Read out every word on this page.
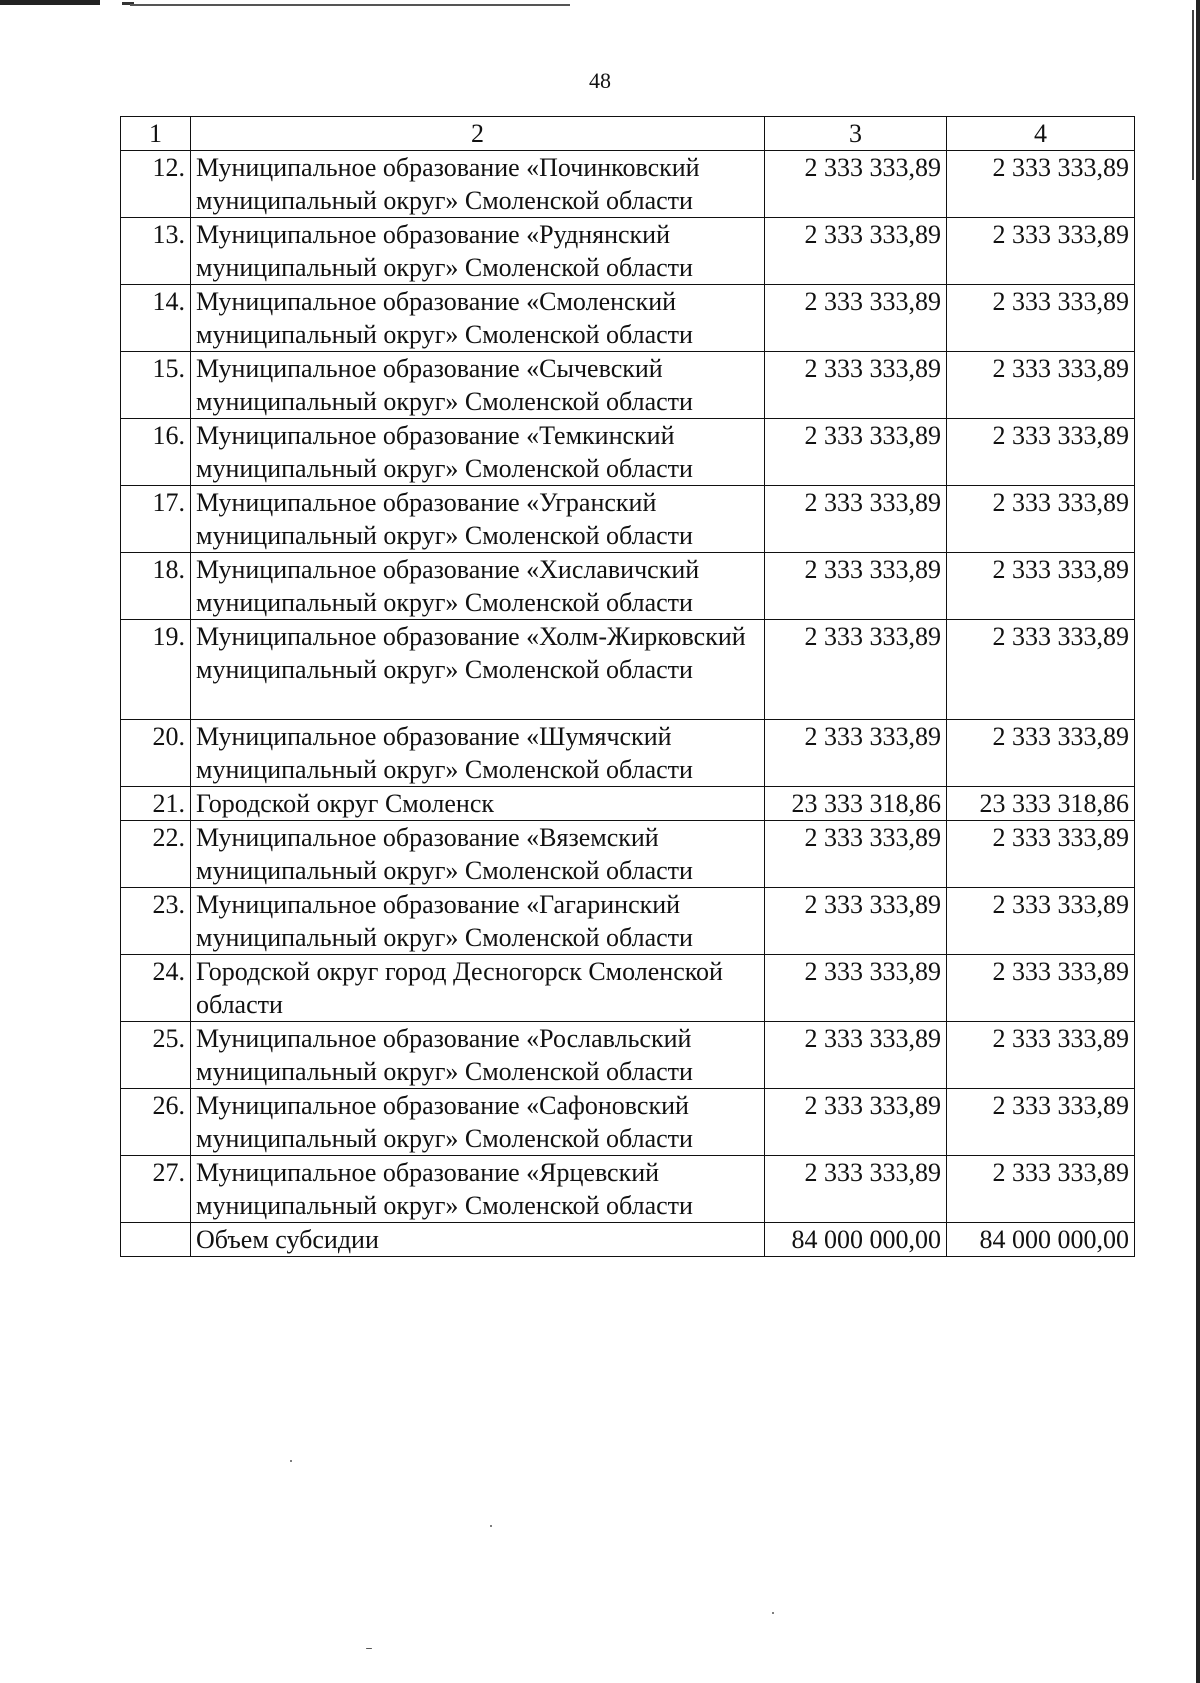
48
1	2	3	4
12.	Муниципальное образование «Починковский муниципальный округ» Смоленской области	2 333 333,89	2 333 333,89
13.	Муниципальное образование «Руднянский муниципальный округ» Смоленской области	2 333 333,89	2 333 333,89
14.	Муниципальное образование «Смоленский муниципальный округ» Смоленской области	2 333 333,89	2 333 333,89
15.	Муниципальное образование «Сычевский муниципальный округ» Смоленской области	2 333 333,89	2 333 333,89
16.	Муниципальное образование «Темкинский муниципальный округ» Смоленской области	2 333 333,89	2 333 333,89
17.	Муниципальное образование «Угранский муниципальный округ» Смоленской области	2 333 333,89	2 333 333,89
18.	Муниципальное образование «Хиславичский муниципальный округ» Смоленской области	2 333 333,89	2 333 333,89
19.	Муниципальное образование «Холм-Жирковский муниципальный округ» Смоленской области	2 333 333,89	2 333 333,89
20.	Муниципальное образование «Шумячский муниципальный округ» Смоленской области	2 333 333,89	2 333 333,89
21.	Городской округ Смоленск	23 333 318,86	23 333 318,86
22.	Муниципальное образование «Вяземский муниципальный округ» Смоленской области	2 333 333,89	2 333 333,89
23.	Муниципальное образование «Гагаринский муниципальный округ» Смоленской области	2 333 333,89	2 333 333,89
24.	Городской округ город Десногорск Смоленской области	2 333 333,89	2 333 333,89
25.	Муниципальное образование «Рославльский муниципальный округ» Смоленской области	2 333 333,89	2 333 333,89
26.	Муниципальное образование «Сафоновский муниципальный округ» Смоленской области	2 333 333,89	2 333 333,89
27.	Муниципальное образование «Ярцевский муниципальный округ» Смоленской области	2 333 333,89	2 333 333,89
	Объем субсидии	84 000 000,00	84 000 000,00
